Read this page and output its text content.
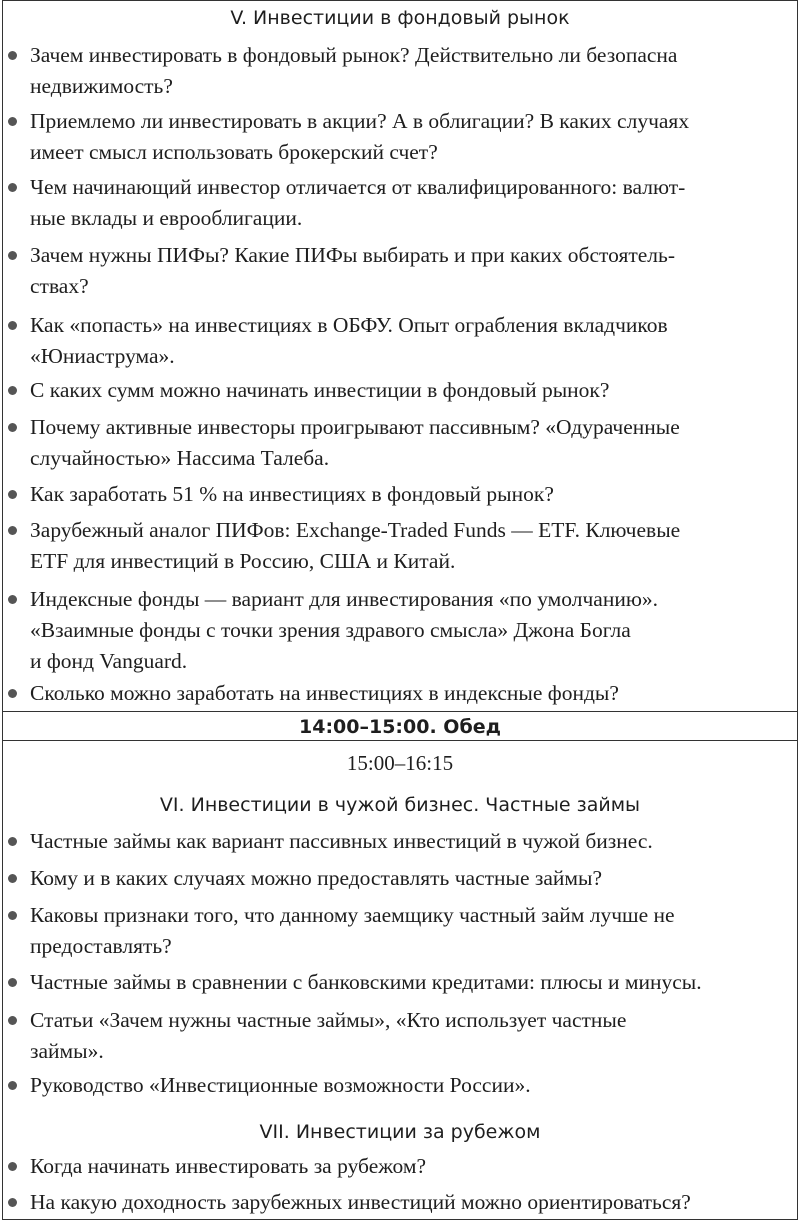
V. Инвестиции в фондовый рынок
Зачем инвестировать в фондовый рынок? Действительно ли безопасна
недвижимость?
Приемлемо ли инвестировать в акции? А в облигации? В каких случаях
имеет смысл использовать брокерский счет?
Чем начинающий инвестор отличается от квалифицированного: валют-
ные вклады и еврооблигации.
Зачем нужны ПИФы? Какие ПИФы выбирать и при каких обстоятель-
ствах?
Как «попасть» на инвестициях в ОБФУ. Опыт ограбления вкладчиков
«Юниаструма».
С каких сумм можно начинать инвестиции в фондовый рынок?
Почему активные инвесторы проигрывают пассивным? «Одураченные
случайностью» Нассима Талеба.
Как заработать 51 % на инвестициях в фондовый рынок?
Зарубежный аналог ПИФов: Exchange-Traded Funds — ETF. Ключевые
ETF для инвестиций в Россию, США и Китай.
Индексные фонды — вариант для инвестирования «по умолчанию».
«Взаимные фонды с точки зрения здравого смысла» Джона Богла
и фонд Vanguard.
Сколько можно заработать на инвестициях в индексные фонды?
14:00–15:00. Обед
15:00–16:15
VI. Инвестиции в чужой бизнес. Частные займы
Частные займы как вариант пассивных инвестиций в чужой бизнес.
Кому и в каких случаях можно предоставлять частные займы?
Каковы признаки того, что данному заемщику частный займ лучше не
предоставлять?
Частные займы в сравнении с банковскими кредитами: плюсы и минусы.
Статьи «Зачем нужны частные займы», «Кто использует частные
займы».
Руководство «Инвестиционные возможности России».
VII. Инвестиции за рубежом
Когда начинать инвестировать за рубежом?
На какую доходность зарубежных инвестиций можно ориентироваться?
